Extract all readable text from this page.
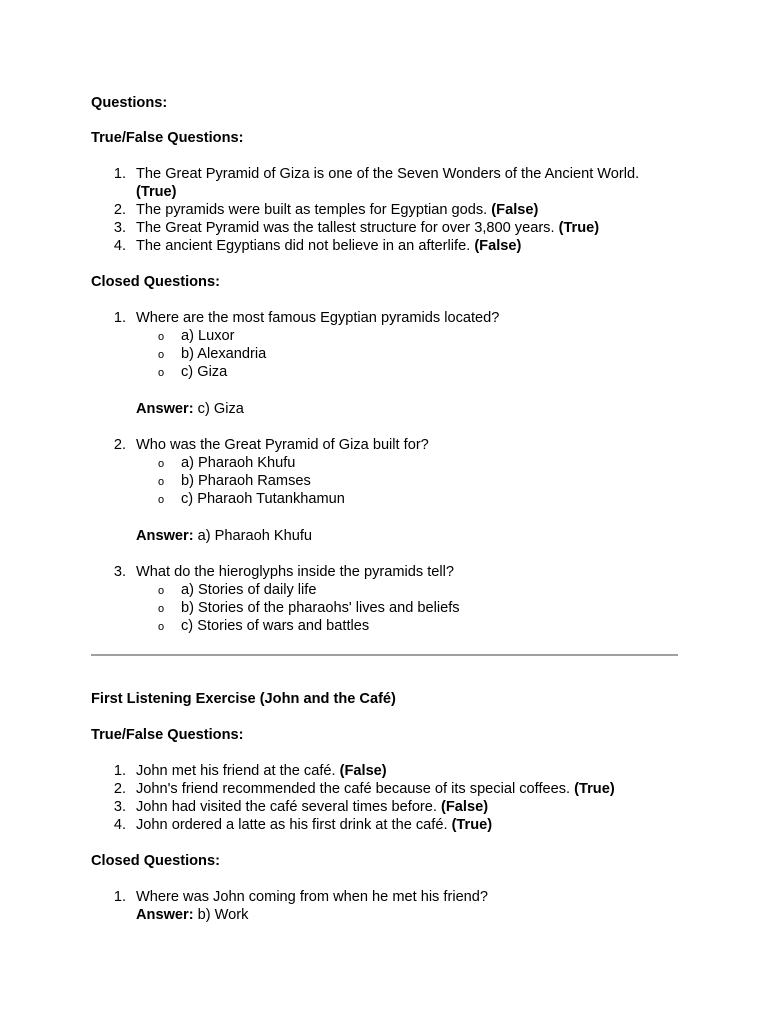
Questions:

True/False Questions:

1. The Great Pyramid of Giza is one of the Seven Wonders of the Ancient World.
(True)
2. The pyramids were built as temples for Egyptian gods. (False)
3. The Great Pyramid was the tallest structure for over 3,800 years. (True)
4. The ancient Egyptians did not believe in an afterlife. (False)

Closed Questions:

1. Where are the most famous Egyptian pyramids located?
o a) Luxor
o b) Alexandria
o c) Giza
Answer: c) Giza
2. Who was the Great Pyramid of Giza built for?
o a) Pharaoh Khufu
o b) Pharaoh Ramses
o c) Pharaoh Tutankhamun
Answer: a) Pharaoh Khufu
3. What do the hieroglyphs inside the pyramids tell?
o a) Stories of daily life
o b) Stories of the pharaohs' lives and beliefs
o c) Stories of wars and battles

First Listening Exercise (John and the Café)

True/False Questions:

1. John met his friend at the café. (False)
2. John's friend recommended the café because of its special coffees. (True)
3. John had visited the café several times before. (False)
4. John ordered a latte as his first drink at the café. (True)

Closed Questions:

1. Where was John coming from when he met his friend?
Answer: b) Work
